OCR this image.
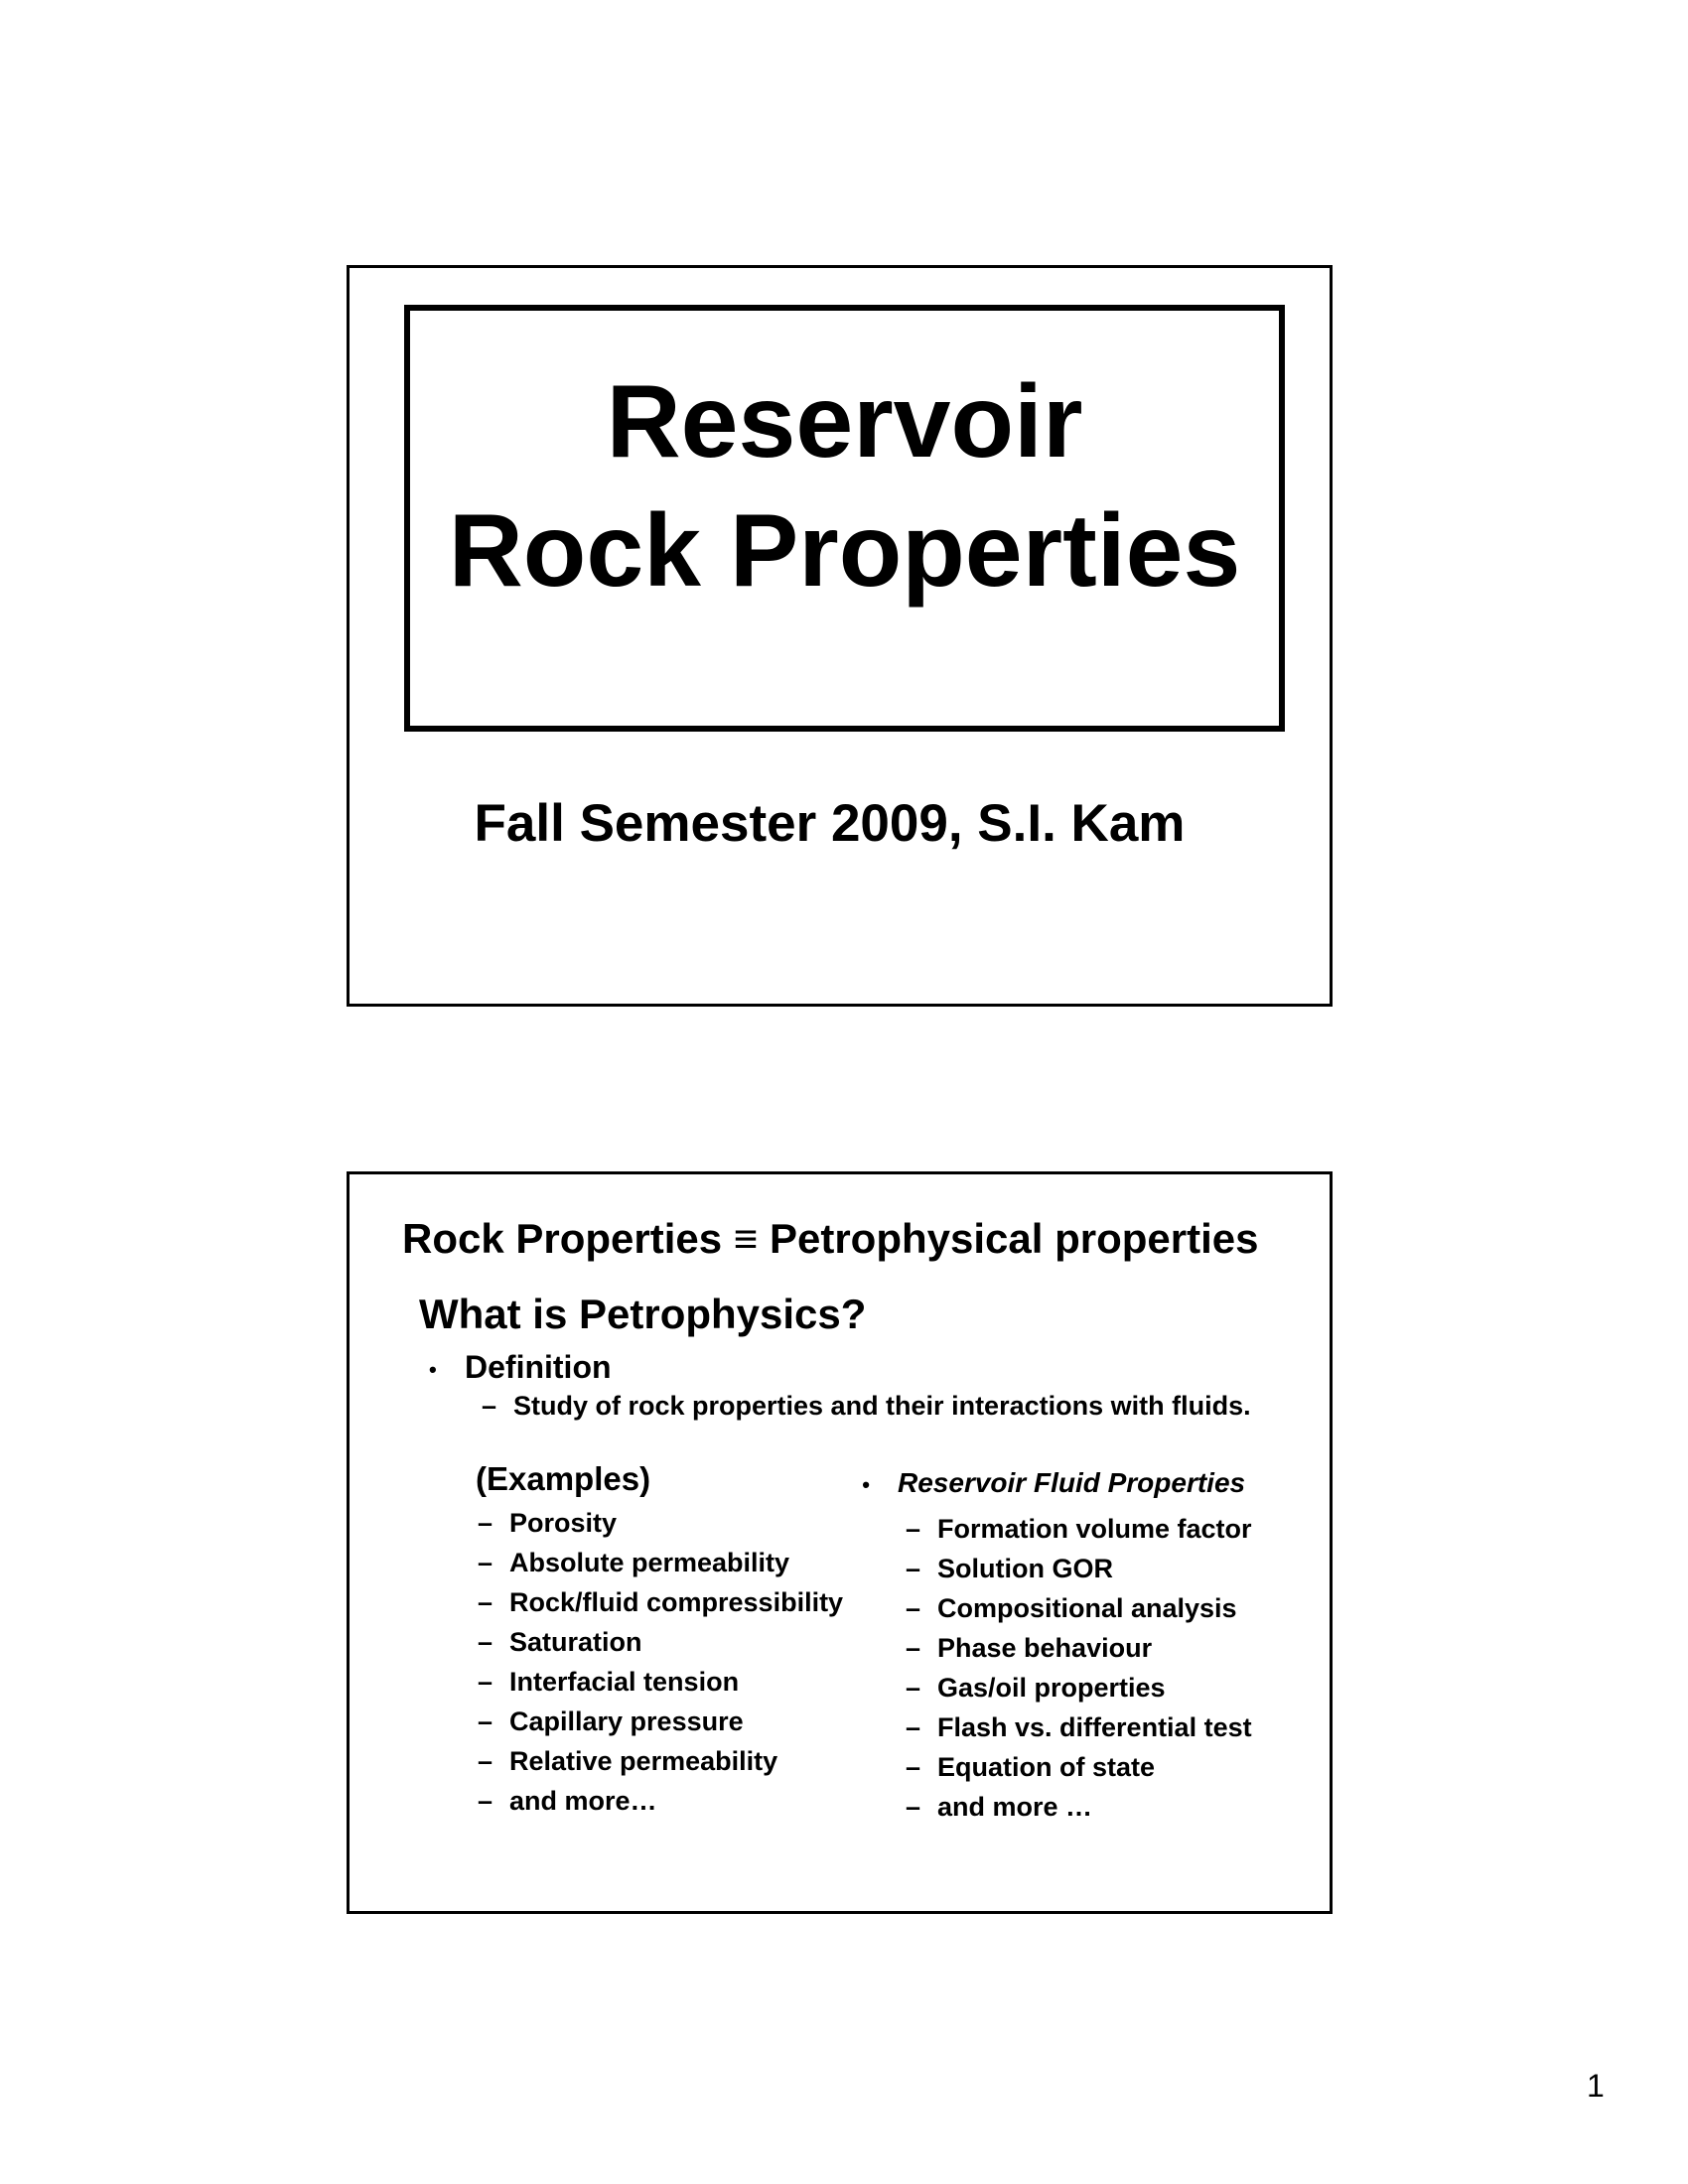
Reservoir
Rock Properties
Fall Semester 2009, S.I. Kam
Rock Properties ≡ Petrophysical properties
What is Petrophysics?
• Definition
– Study of rock properties and their interactions with fluids.
(Examples)
– Porosity
– Absolute permeability
– Rock/fluid compressibility
– Saturation
– Interfacial tension
– Capillary pressure
– Relative permeability
– and more…
• Reservoir Fluid Properties
– Formation volume factor
– Solution GOR
– Compositional analysis
– Phase behaviour
– Gas/oil properties
– Flash vs. differential test
– Equation of state
– and more …
1
